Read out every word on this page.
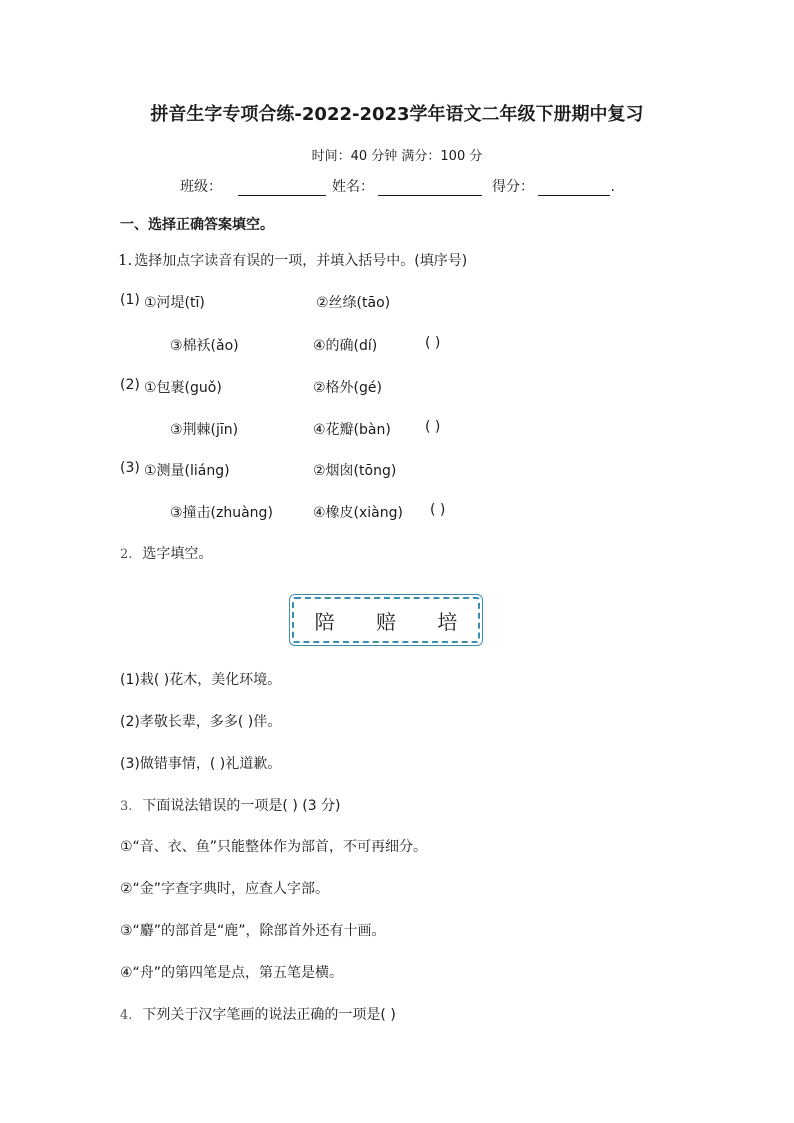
拼音生字专项合练-2022-2023学年语文二年级下册期中复习
时间：40 分钟 满分：100 分
班级：	姓名：	得分：	.
一、选择正确答案填空。
1. 选择加点字读音有误的一项，并填入括号中。(填序号)
(1) ①河堤(tī)	②丝绦(tāo)
③棉袄(ǎo)	④的确(dí)	( )
(2) ①包裹(guǒ)	②格外(gé)
③荆棘(jīn)	④花瓣(bàn) ( )
(3) ①测量(liáng)	②烟囱(tōng)
③撞击(zhuàng)	④橡皮(xiàng) ( )
2. 选字填空。
陪 赔 培
(1)栽( )花木，美化环境。
(2)孝敬长辈，多多( )伴。
(3)做错事情，( )礼道歉。
3. 下面说法错误的一项是( ) (3 分)
①“音、衣、鱼”只能整体作为部首，不可再细分。
②“金”字查字典时，应查人字部。
③“麝”的部首是“鹿”，除部首外还有十画。
④“舟”的第四笔是点，第五笔是横。
4. 下列关于汉字笔画的说法正确的一项是( )
